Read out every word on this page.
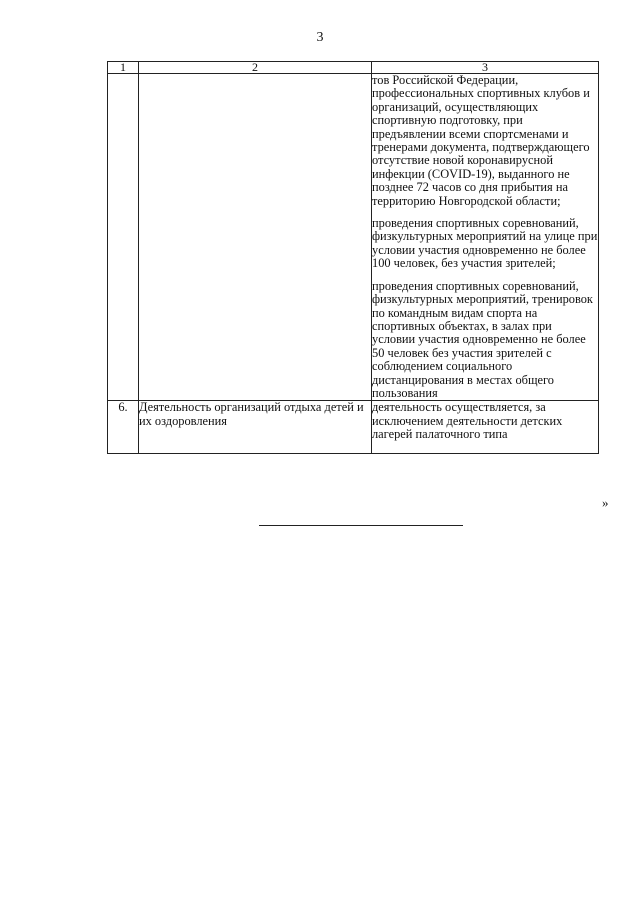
3
1	2	3

		тов Российской Федерации, профессиональных спортивных клубов и организаций, осуществляющих спортивную подготовку, при предъявлении всеми спортсменами и тренерами документа, подтверждающего отсутствие новой коронавирусной инфекции (COVID-19), выданного не позднее 72 часов со дня прибытия на территорию Новгородской области;

проведения спортивных соревнований, физкультурных мероприятий на улице при условии участия одновременно не более 100 человек, без участия зрителей;

проведения спортивных соревнований, физкультурных мероприятий, тренировок по командным видам спорта на спортивных объектах, в залах при условии участия одновременно не более 50 человек без участия зрителей с соблюдением социального дистанцирования в местах общего пользования

6.	Деятельность организаций отдыха детей и их оздоровления	деятельность осуществляется, за исключением деятельности детских лагерей палаточного типа

»
